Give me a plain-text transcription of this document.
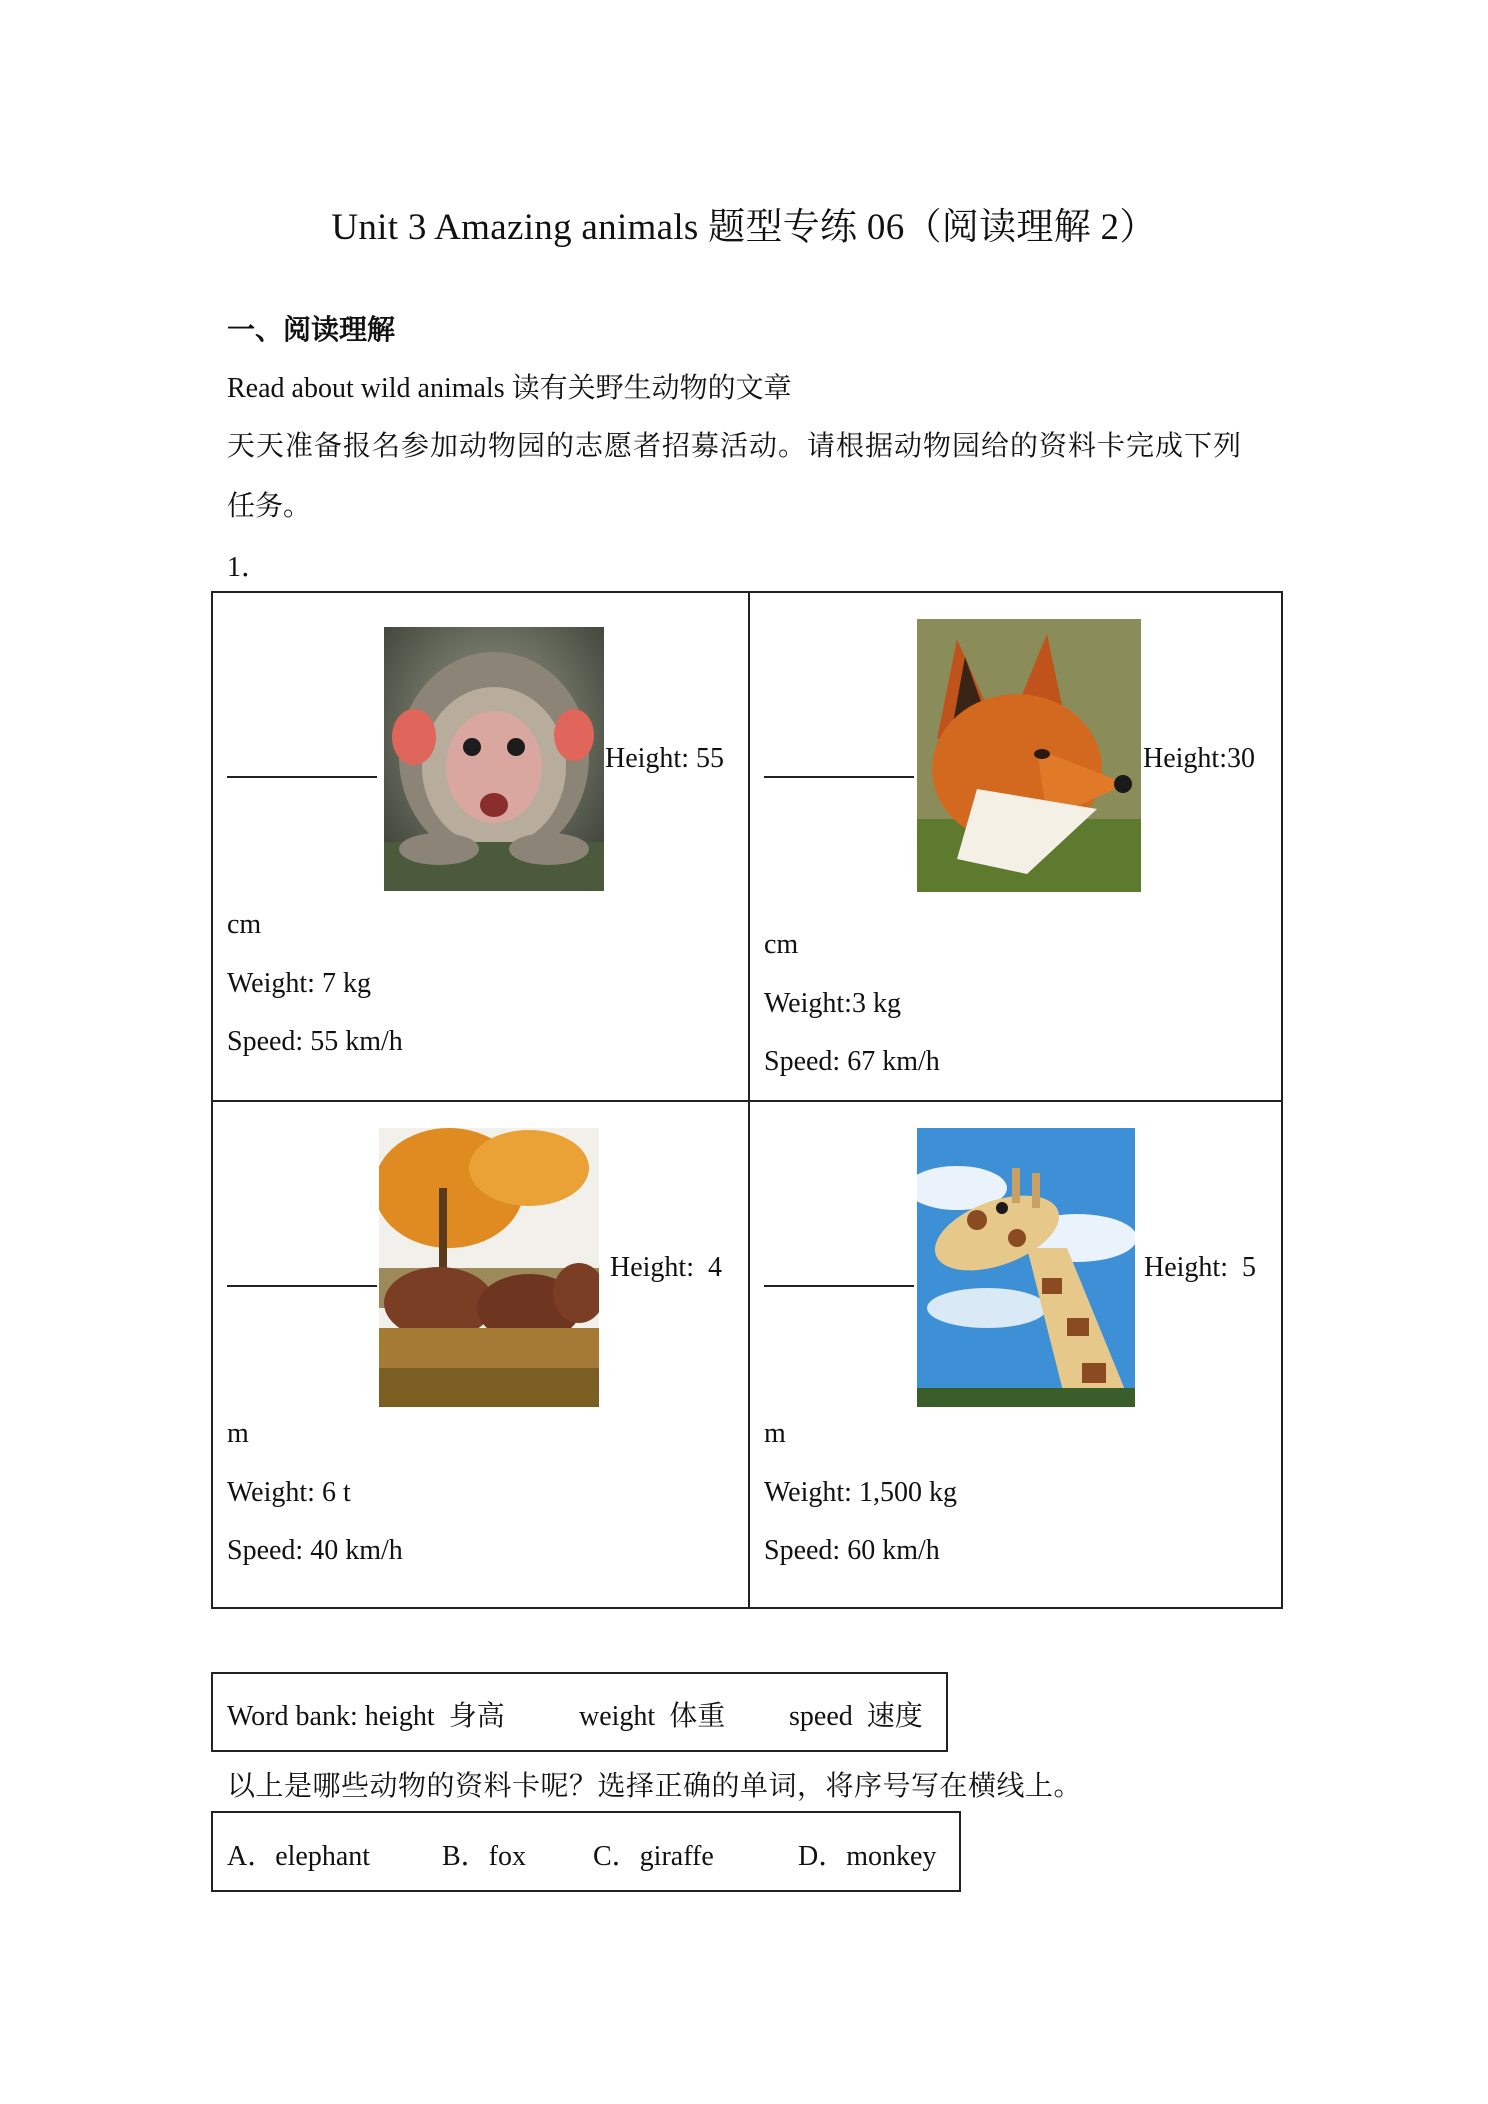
Unit 3 Amazing animals 题型专练 06（阅读理解 2）
一、阅读理解

Read about wild animals 读有关野生动物的文章

天天准备报名参加动物园的志愿者招募活动。请根据动物园给的资料卡完成下列

任务。

1．

Height: 55
cm
Weight: 7 kg
Speed: 55 km/h
Height:30
cm
Weight:3 kg
Speed: 67 km/h
Height:  4
m
Weight: 6 t
Speed: 40 km/h
Height:  5
m
Weight: 1,500 kg
Speed: 60 km/h
Word bank: height  身高	weight  体重 speed  速度

以上是哪些动物的资料卡呢？选择正确的单词，将序号写在横线上。

A．elephant	B．fox C．giraffe	D．monkey
